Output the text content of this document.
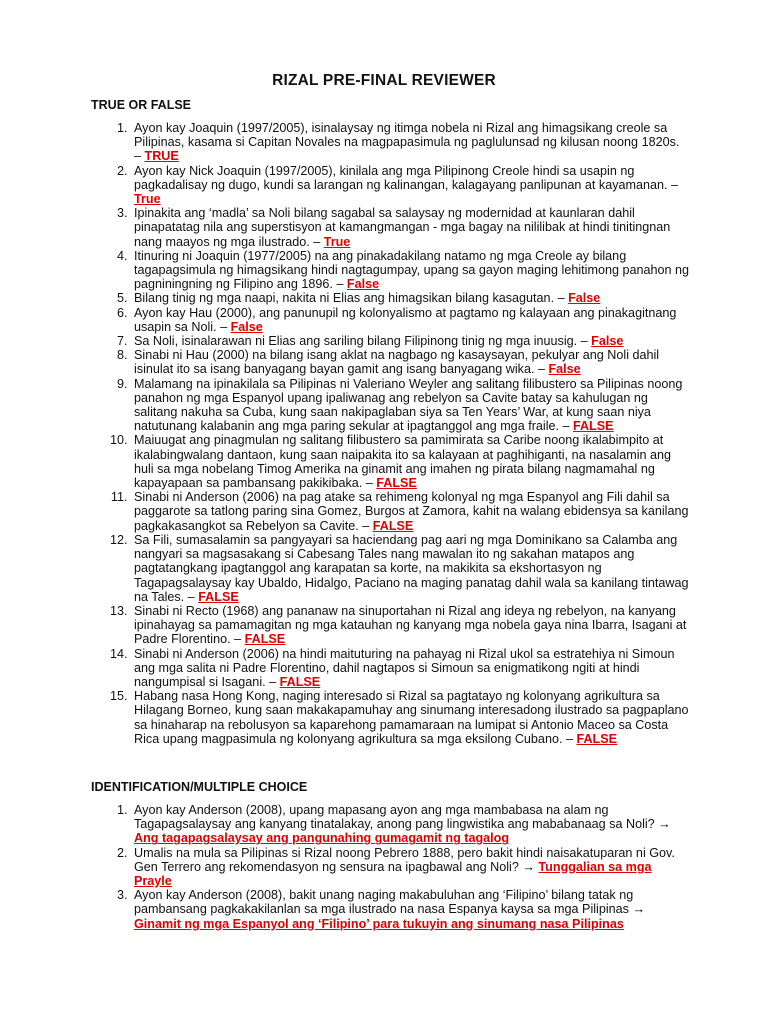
RIZAL PRE-FINAL REVIEWER
TRUE OR FALSE
1. Ayon kay Joaquin (1997/2005), isinalaysay ng itimga nobela ni Rizal ang himagsikang creole sa Pilipinas, kasama si Capitan Novales na magpapasimula ng paglulunsad ng kilusan noong 1820s. – TRUE
2. Ayon kay Nick Joaquin (1997/2005), kinilala ang mga Pilipinong Creole hindi sa usapin ng pagkadalisay ng dugo, kundi sa larangan ng kalinangan, kalagayang panlipunan at kayamanan. – True
3. Ipinakita ang ‘madla’ sa Noli bilang sagabal sa salaysay ng modernidad at kaunlaran dahil pinapatatag nila ang superstisyon at kamangmangan - mga bagay na nililibak at hindi tinitingnan nang maayos ng mga ilustrado. – True
4. Itinuring ni Joaquin (1977/2005) na ang pinakadakilang natamo ng mga Creole ay bilang tagapagsimula ng himagsikang hindi nagtagumpay, upang sa gayon maging lehitimong panahon ng pagniningning ng Filipino ang 1896. – False
5. Bilang tinig ng mga naapi, nakita ni Elias ang himagsikan bilang kasagutan. – False
6. Ayon kay Hau (2000), ang panunupil ng kolonyalismo at pagtamo ng kalayaan ang pinakagitnang usapin sa Noli. – False
7. Sa Noli, isinalarawan ni Elias ang sariling bilang Filipinong tinig ng mga inuusig. – False
8. Sinabi ni Hau (2000) na bilang isang aklat na nagbago ng kasaysayan, pekulyar ang Noli dahil isinulat ito sa isang banyagang bayan gamit ang isang banyagang wika. – False
9. Malamang na ipinakilala sa Pilipinas ni Valeriano Weyler ang salitang filibustero sa Pilipinas noong panahon ng mga Espanyol upang ipaliwanag ang rebelyon sa Cavite batay sa kahulugan ng salitang nakuha sa Cuba, kung saan nakipaglaban siya sa Ten Years’ War, at kung saan niya natutunang kalabanin ang mga paring sekular at ipagtanggol ang mga fraile. – FALSE
10. Maiuugat ang pinagmulan ng salitang filibustero sa pamimirata sa Caribe noong ikalabimpito at ikalabingwalang dantaon, kung saan naipakita ito sa kalayaan at paghihiganti, na nasalamin ang huli sa mga nobelang Timog Amerika na ginamit ang imahen ng pirata bilang nagmamahal ng kapayapaan sa pambansang pakikibaka. – FALSE
11. Sinabi ni Anderson (2006) na pag atake sa rehimeng kolonyal ng mga Espanyol ang Fili dahil sa paggarote sa tatlong paring sina Gomez, Burgos at Zamora, kahit na walang ebidensya sa kanilang pagkakasangkot sa Rebelyon sa Cavite. – FALSE
12. Sa Fili, sumasalamin sa pangyayari sa haciendang pag aari ng mga Dominikano sa Calamba ang nangyari sa magsasakang si Cabesang Tales nang mawalan ito ng sakahan matapos ang pagtatangkang ipagtanggol ang karapatan sa korte, na makikita sa ekshortasyon ng Tagapagsalaysay kay Ubaldo, Hidalgo, Paciano na maging panatag dahil wala sa kanilang tintawag na Tales. – FALSE
13. Sinabi ni Recto (1968) ang pananaw na sinuportahan ni Rizal ang ideya ng rebelyon, na kanyang ipinahayag sa pamamagitan ng mga katauhan ng kanyang mga nobela gaya nina Ibarra, Isagani at Padre Florentino. – FALSE
14. Sinabi ni Anderson (2006) na hindi maituturing na pahayag ni Rizal ukol sa estratehiya ni Simoun ang mga salita ni Padre Florentino, dahil nagtapos si Simoun sa enigmatikong ngiti at hindi nangumpisal si Isagani. – FALSE
15. Habang nasa Hong Kong, naging interesado si Rizal sa pagtatayo ng kolonyang agrikultura sa Hilagang Borneo, kung saan makakapamuhay ang sinumang interesadong ilustrado sa pagpaplano sa hinaharap na rebolusyon sa kaparehong pamamaraan na lumipat si Antonio Maceo sa Costa Rica upang magpasimula ng kolonyang agrikultura sa mga eksilong Cubano. – FALSE
IDENTIFICATION/MULTIPLE CHOICE
1. Ayon kay Anderson (2008), upang mapasang ayon ang mga mambabasa na alam ng Tagapagsalaysay ang kanyang tinatalakay, anong pang lingwistika ang mababanaag sa Noli? → Ang tagapagsalaysay ang pangunahing gumagamit ng tagalog
2. Umalis na mula sa Pilipinas si Rizal noong Pebrero 1888, pero bakit hindi naisakatuparan ni Gov. Gen Terrero ang rekomendasyon ng sensura na ipagbawal ang Noli? → Tunggalian sa mga Prayle
3. Ayon kay Anderson (2008), bakit unang naging makabuluhan ang ‘Filipino’ bilang tatak ng pambansang pagkakakilanlan sa mga ilustrado na nasa Espanya kaysa sa mga Pilipinas → Ginamit ng mga Espanyol ang ‘Filipino’ para tukuyin ang sinumang nasa Pilipinas
